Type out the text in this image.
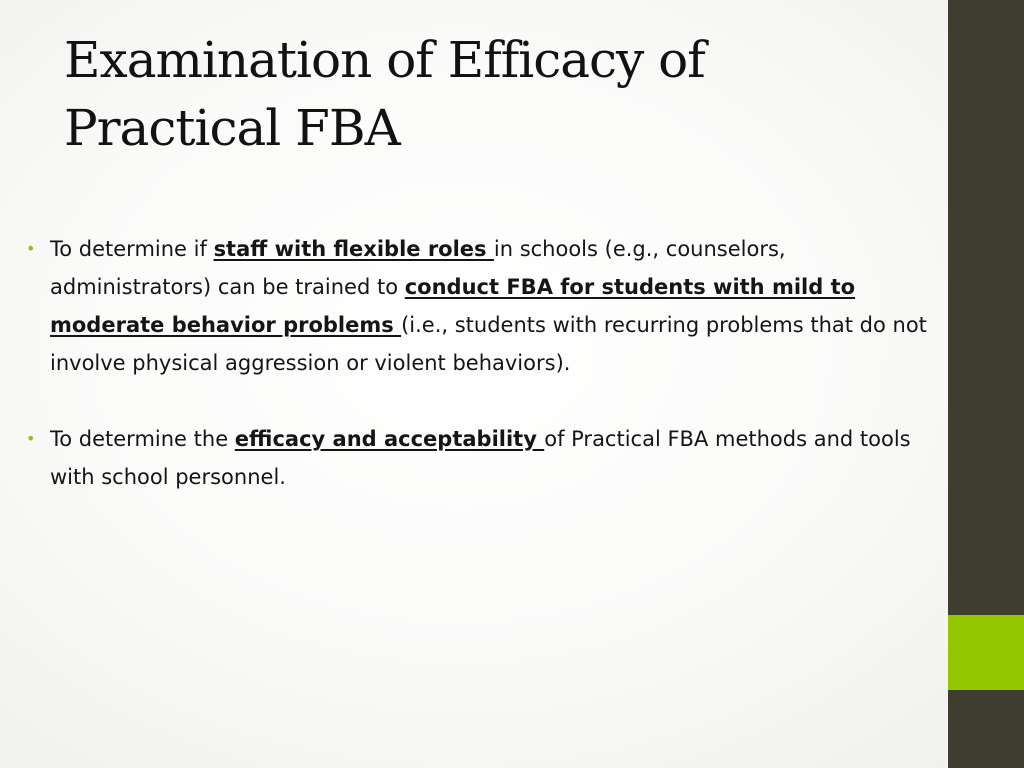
Examination of Efficacy of Practical FBA
• To determine if staff with flexible roles in schools (e.g., counselors, administrators) can be trained to conduct FBA for students with mild to moderate behavior problems (i.e., students with recurring problems that do not involve physical aggression or violent behaviors).
• To determine the efficacy and acceptability of Practical FBA methods and tools with school personnel.
